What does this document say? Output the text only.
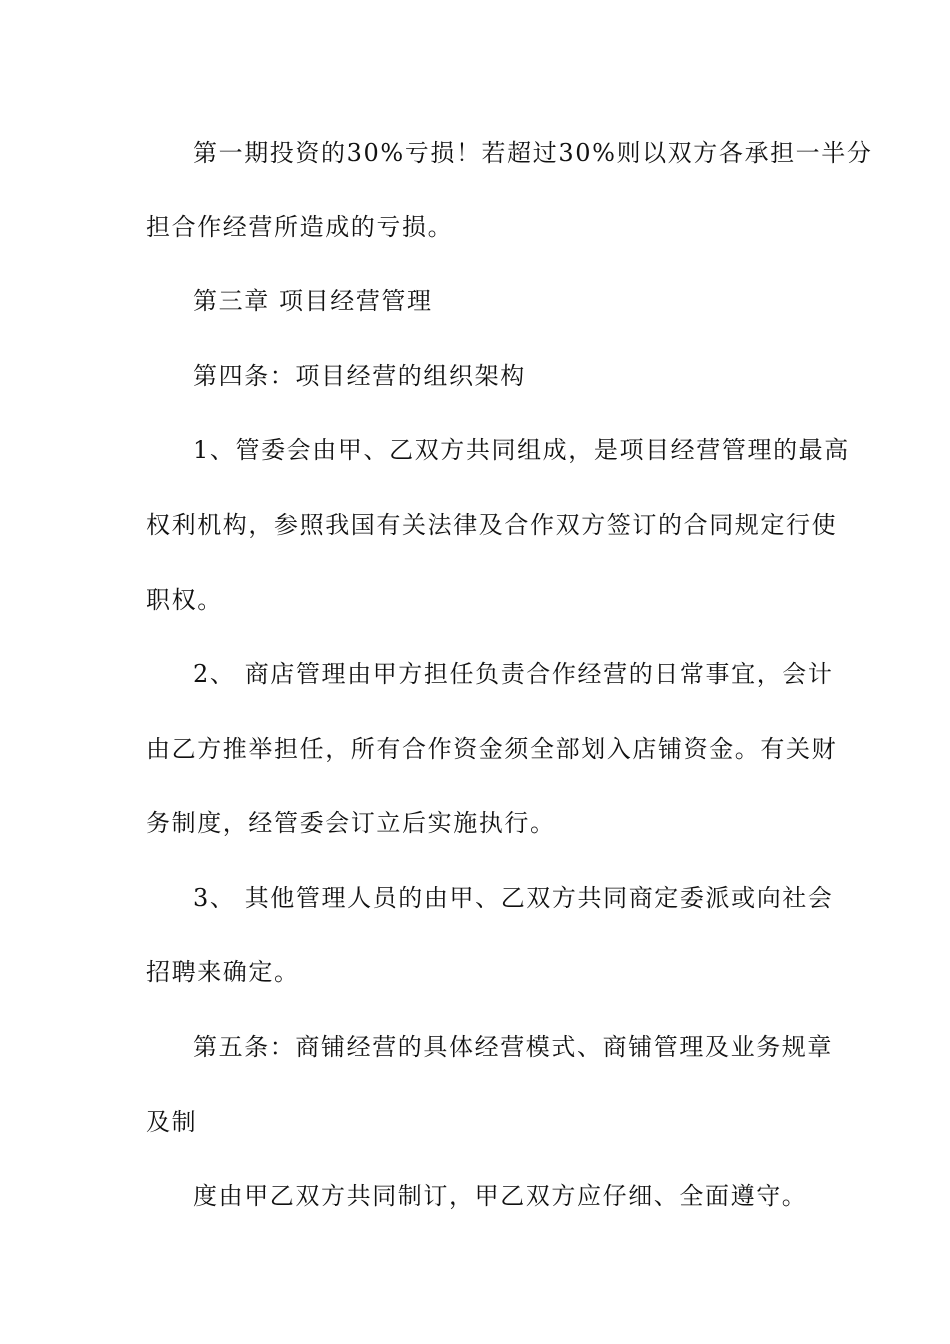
第一期投资的30%亏损！若超过30%则以双方各承担一半分
担合作经营所造成的亏损。
第三章 项目经营管理
第四条：项目经营的组织架构
1、管委会由甲、乙双方共同组成，是项目经营管理的最高
权利机构，参照我国有关法律及合作双方签订的合同规定行使
职权。
2、 商店管理由甲方担任负责合作经营的日常事宜，会计
由乙方推举担任，所有合作资金须全部划入店铺资金。有关财
务制度，经管委会订立后实施执行。
3、 其他管理人员的由甲、乙双方共同商定委派或向社会
招聘来确定。
第五条：商铺经营的具体经营模式、商铺管理及业务规章
及制
度由甲乙双方共同制订，甲乙双方应仔细、全面遵守。
